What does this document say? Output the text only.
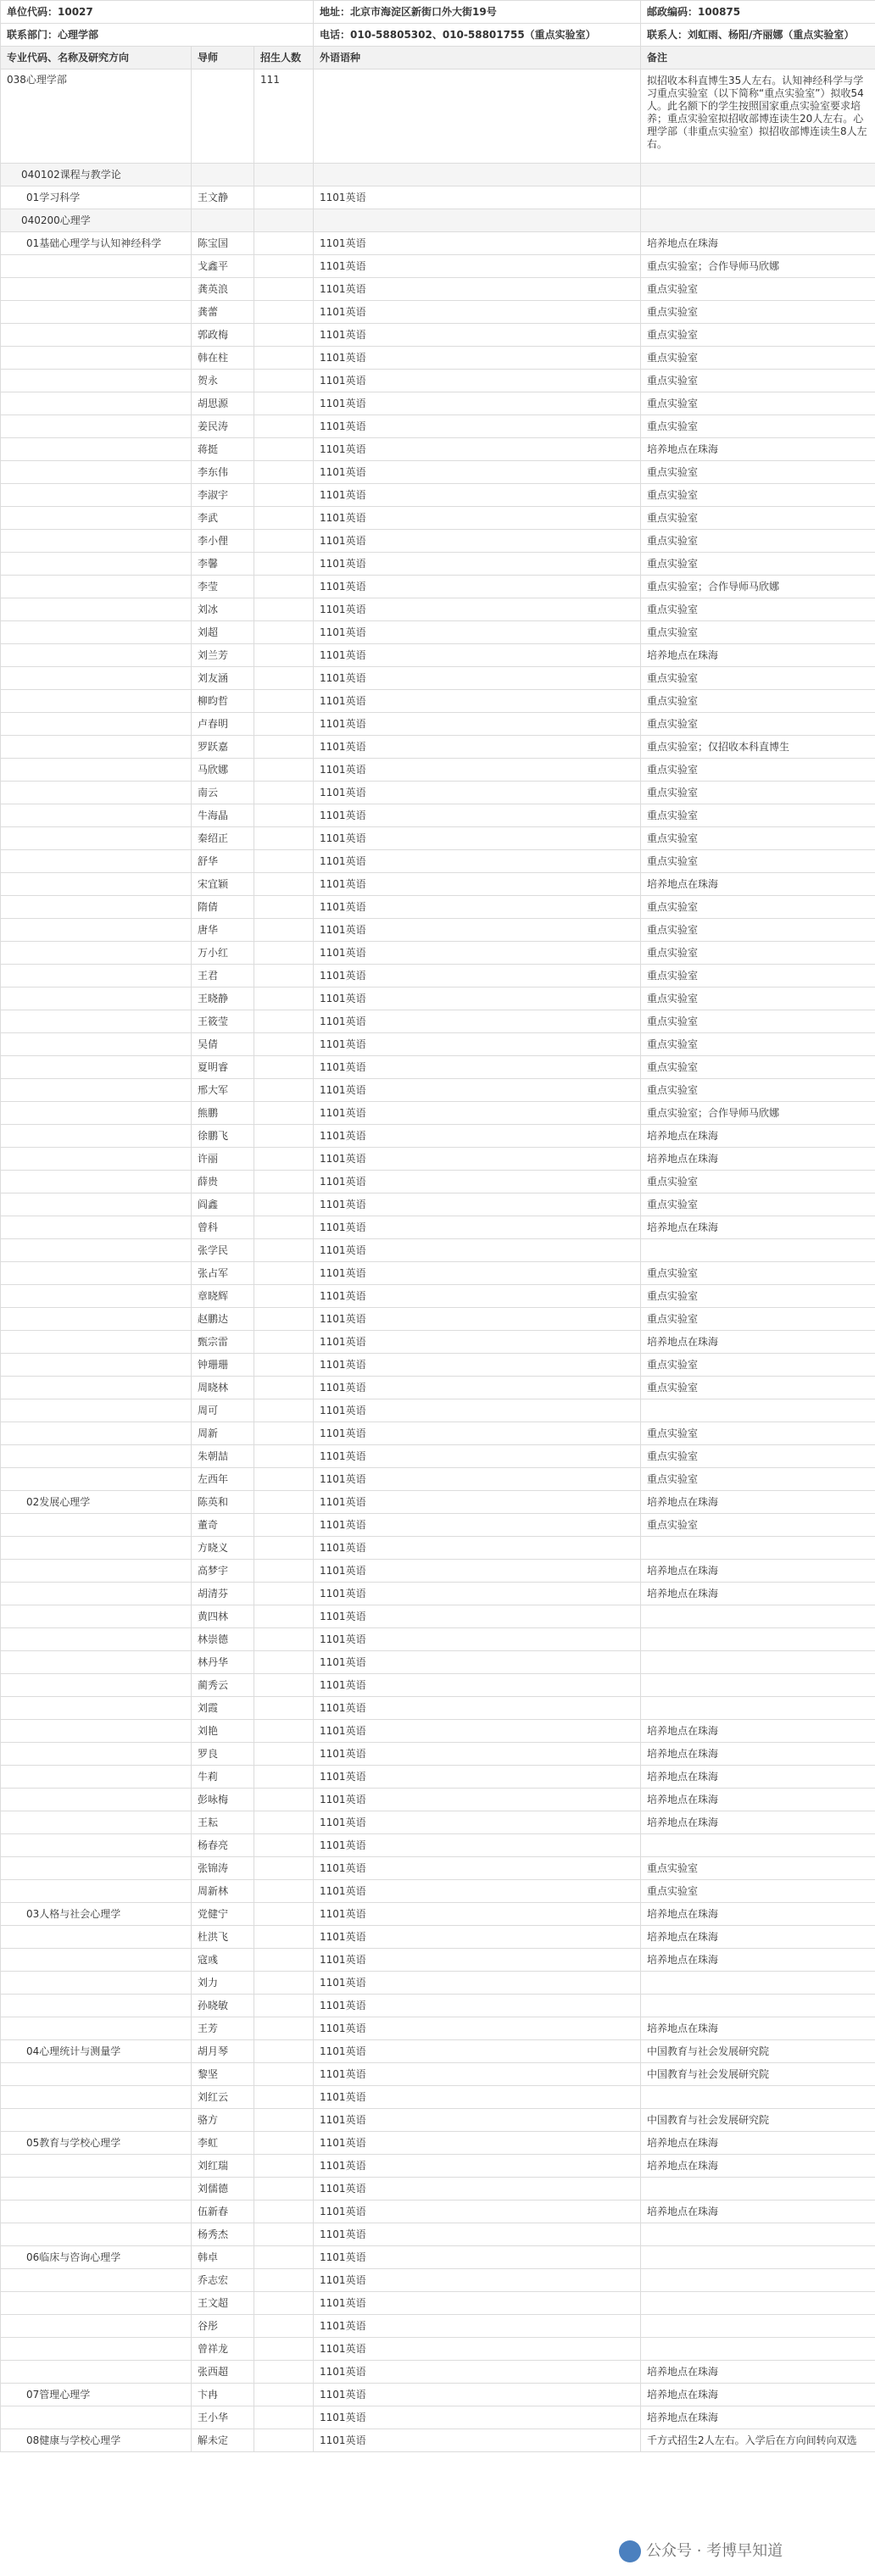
单位代码：10027			地址：北京市海淀区新街口外大街19号	邮政编码：100875
联系部门：心理学部			电话：010-58805302、010-58801755（重点实验室）	联系人：刘虹雨、杨阳/齐丽娜（重点实验室）
专业代码、名称及研究方向	导师	招生人数	外语语种	备注
038心理学部		111		拟招收本科直博生35人左右。认知神经科学与学习重点实验室（以下简称“重点实验室”）拟收54人。此名额下的学生按照国家重点实验室要求培养；重点实验室拟招收部博连读生20人左右。心理学部（非重点实验室）拟招收部博连读生8人左右。
040102课程与教学论				
01学习科学	王文静		1101英语	
040200心理学				
01基础心理学与认知神经科学	陈宝国		1101英语	培养地点在珠海
	戈鑫平		1101英语	重点实验室；合作导师马欣娜
	龚英浪		1101英语	重点实验室
	龚蕾		1101英语	重点实验室
	郭政梅		1101英语	重点实验室
	韩在柱		1101英语	重点实验室
	贺永		1101英语	重点实验室
	胡思源		1101英语	重点实验室
	姜民涛		1101英语	重点实验室
	蒋挺		1101英语	培养地点在珠海
	李东伟		1101英语	重点实验室
	李淑宇		1101英语	重点实验室
	李武		1101英语	重点实验室
	李小俚		1101英语	重点实验室
	李馨		1101英语	重点实验室
	李莹		1101英语	重点实验室；合作导师马欣娜
	刘冰		1101英语	重点实验室
	刘超		1101英语	重点实验室
	刘兰芳		1101英语	培养地点在珠海
	刘友涵		1101英语	重点实验室
	柳昀哲		1101英语	重点实验室
	卢春明		1101英语	重点实验室
	罗跃嘉		1101英语	重点实验室；仅招收本科直博生
	马欣娜		1101英语	重点实验室
	南云		1101英语	重点实验室
	牛海晶		1101英语	重点实验室
	秦绍正		1101英语	重点实验室
	舒华		1101英语	重点实验室
	宋宜颖		1101英语	培养地点在珠海
	隋倩		1101英语	重点实验室
	唐华		1101英语	重点实验室
	万小红		1101英语	重点实验室
	王君		1101英语	重点实验室
	王晓静		1101英语	重点实验室
	王筱莹		1101英语	重点实验室
	吴倩		1101英语	重点实验室
	夏明睿		1101英语	重点实验室
	邢大军		1101英语	重点实验室
	熊鹏		1101英语	重点实验室；合作导师马欣娜
	徐鹏飞		1101英语	培养地点在珠海
	许丽		1101英语	培养地点在珠海
	薛贵		1101英语	重点实验室
	阎鑫		1101英语	重点实验室
	曾科		1101英语	培养地点在珠海
	张学民		1101英语	
	张占军		1101英语	重点实验室
	章晓辉		1101英语	重点实验室
	赵鹏达		1101英语	重点实验室
	甄宗雷		1101英语	培养地点在珠海
	钟珊珊		1101英语	重点实验室
	周晓林		1101英语	重点实验室
	周可		1101英语	
	周新		1101英语	重点实验室
	朱朝喆		1101英语	重点实验室
	左西年		1101英语	重点实验室
02发展心理学	陈英和		1101英语	培养地点在珠海
	董奇		1101英语	重点实验室
	方晓义		1101英语	
	高梦宇		1101英语	培养地点在珠海
	胡清芬		1101英语	培养地点在珠海
	黄四林		1101英语	
	林崇德		1101英语	
	林丹华		1101英语	
	蔺秀云		1101英语	
	刘霞		1101英语	
	刘艳		1101英语	培养地点在珠海
	罗良		1101英语	培养地点在珠海
	牛莉		1101英语	培养地点在珠海
	彭咏梅		1101英语	培养地点在珠海
	王耘		1101英语	培养地点在珠海
	杨春亮		1101英语	
	张锦涛		1101英语	重点实验室
	周新林		1101英语	重点实验室
03人格与社会心理学	党健宁		1101英语	培养地点在珠海
	杜洪飞		1101英语	培养地点在珠海
	寇彧		1101英语	培养地点在珠海
	刘力		1101英语	
	孙晓敏		1101英语	
	王芳		1101英语	培养地点在珠海
04心理统计与测量学	胡月琴		1101英语	中国教育与社会发展研究院
	黎坚		1101英语	中国教育与社会发展研究院
	刘红云		1101英语	
	骆方		1101英语	中国教育与社会发展研究院
05教育与学校心理学	李虹		1101英语	培养地点在珠海
	刘红瑞		1101英语	培养地点在珠海
	刘儒德		1101英语	
	伍新春		1101英语	培养地点在珠海
	杨秀杰		1101英语	
06临床与咨询心理学	韩卓		1101英语	
	乔志宏		1101英语	
	王文超		1101英语	
	谷彤		1101英语	
	曾祥龙		1101英语	
	张西超		1101英语	培养地点在珠海
07管理心理学	卞冉		1101英语	培养地点在珠海
	王小华		1101英语	培养地点在珠海
08健康与学校心理学	解未定		1101英语	千方式招生2人左右。入学后在方向间转向双选
公众号 · 考博早知道
